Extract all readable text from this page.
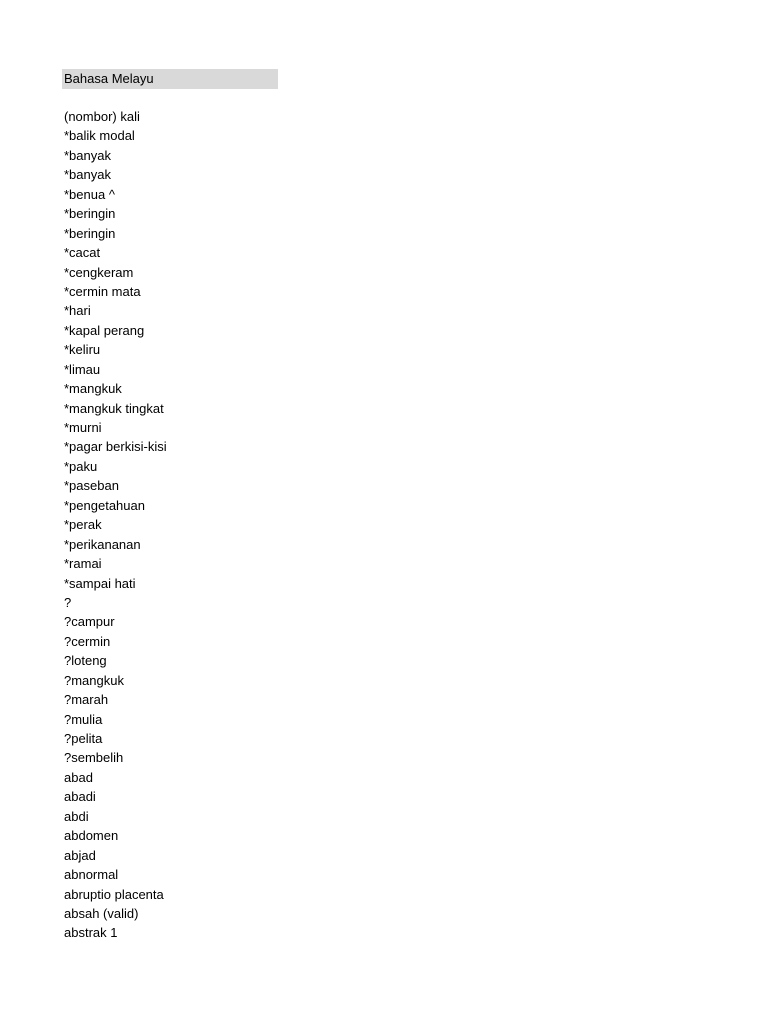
Bahasa Melayu
(nombor) kali
*balik modal
*banyak
*banyak
*benua ^
*beringin
*beringin
*cacat
*cengkeram
*cermin mata
*hari
*kapal perang
*keliru
*limau
*mangkuk
*mangkuk tingkat
*murni
*pagar berkisi-kisi
*paku
*paseban
*pengetahuan
*perak
*perikananan
*ramai
*sampai hati
?
?campur
?cermin
?loteng
?mangkuk
?marah
?mulia
?pelita
?sembelih
abad
abadi
abdi
abdomen
abjad
abnormal
abruptio placenta
absah (valid)
abstrak 1
